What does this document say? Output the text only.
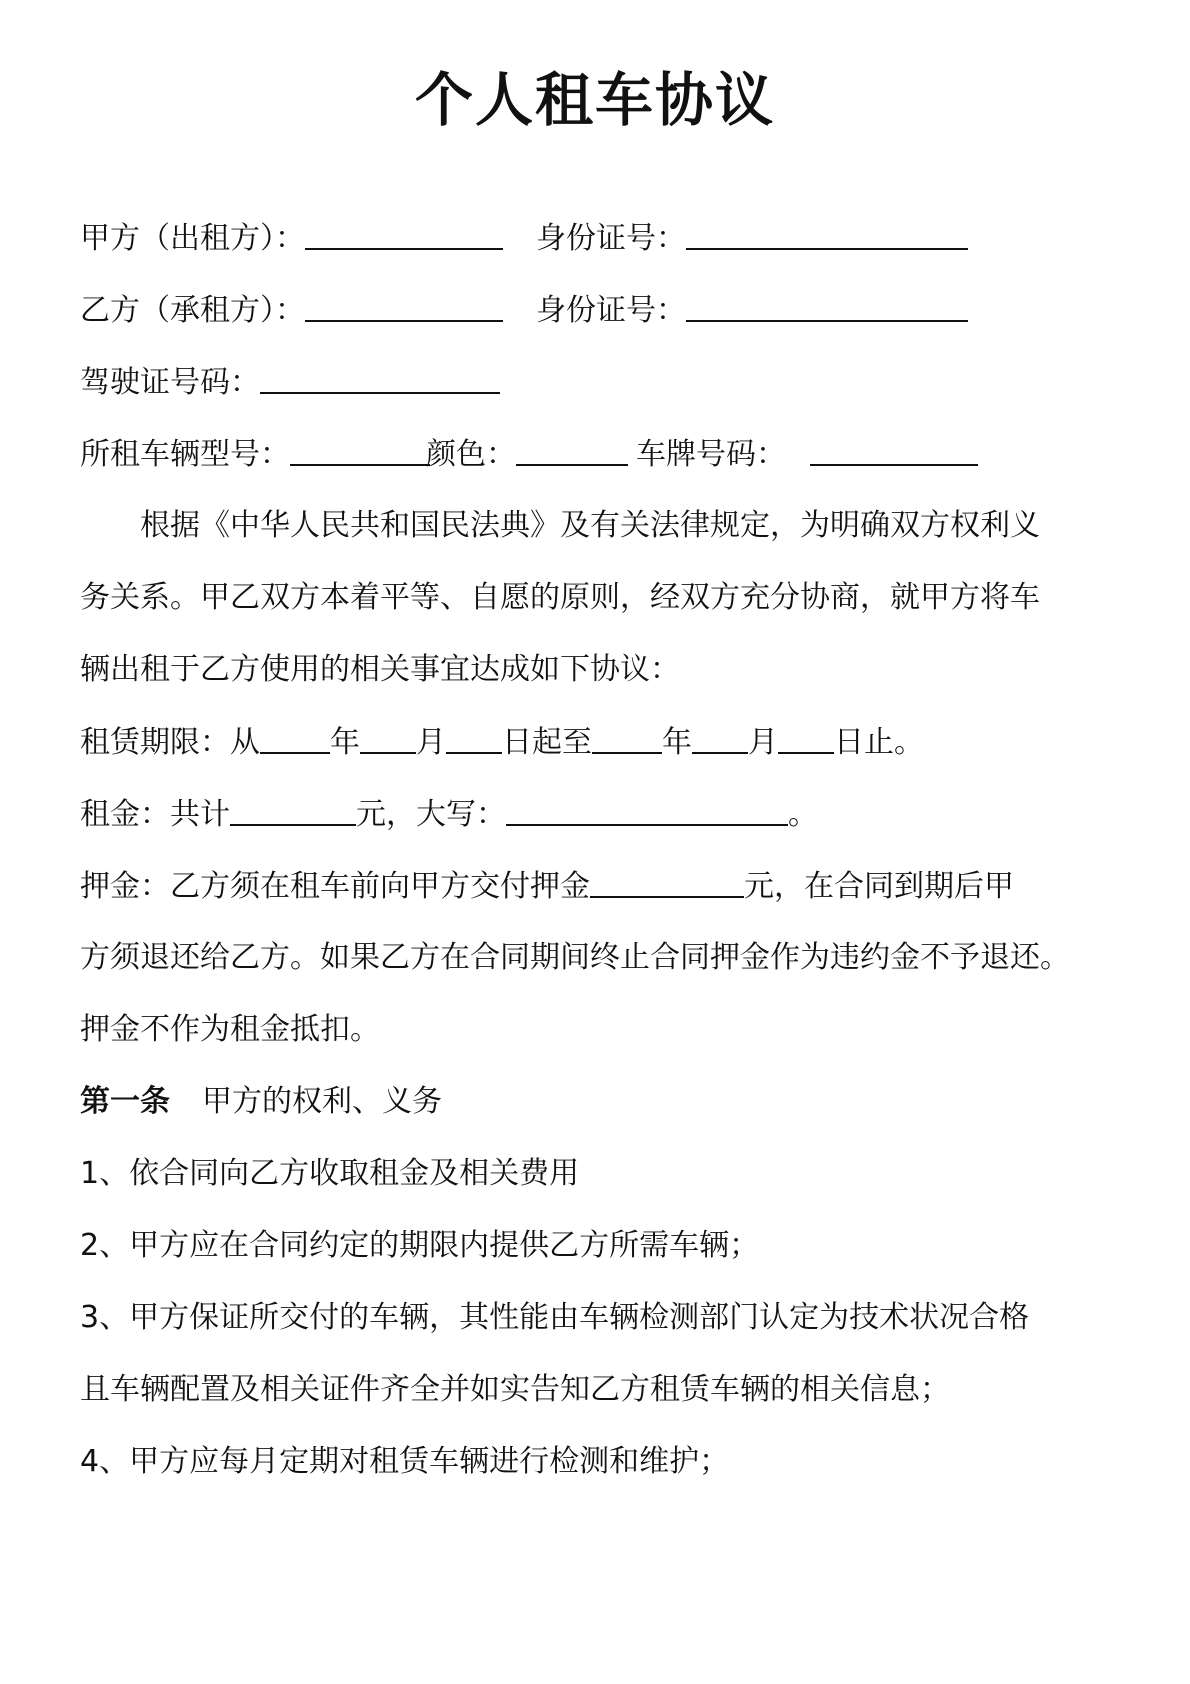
个人租车协议
甲方（出租方）：	身份证号：
乙方（承租方）：	身份证号：
驾驶证号码：
所租车辆型号：	颜色：	车牌号码：
根据《中华人民共和国民法典》及有关法律规定，为明确双方权利义
务关系。甲乙双方本着平等、自愿的原则，经双方充分协商，就甲方将车
辆出租于乙方使用的相关事宜达成如下协议：
租赁期限：从 年 月 日起至 年 月 日止。
租金：共计	元，大写：	。
押金：乙方须在租车前向甲方交付押金	元，在合同到期后甲
方须退还给乙方。如果乙方在合同期间终止合同押金作为违约金不予退还。
押金不作为租金抵扣。
第一条 甲方的权利、义务
1、依合同向乙方收取租金及相关费用
2、甲方应在合同约定的期限内提供乙方所需车辆；
3、甲方保证所交付的车辆，其性能由车辆检测部门认定为技术状况合格
且车辆配置及相关证件齐全并如实告知乙方租赁车辆的相关信息；
4、甲方应每月定期对租赁车辆进行检测和维护；
